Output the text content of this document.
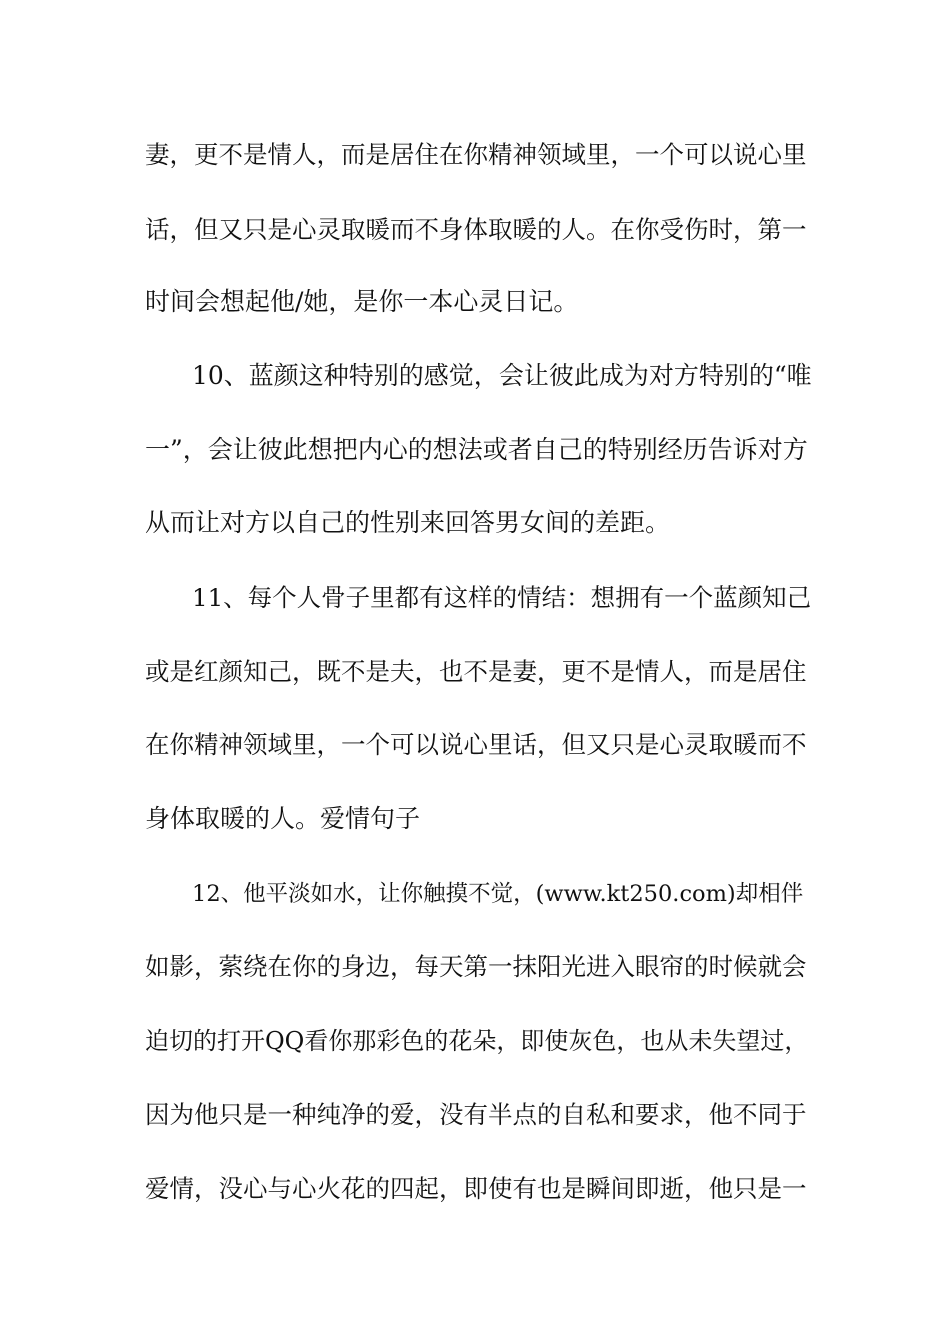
妻，更不是情人，而是居住在你精神领域里，一个可以说心里
话，但又只是心灵取暖而不身体取暖的人。在你受伤时，第一
时间会想起他/她，是你一本心灵日记。
10、蓝颜这种特别的感觉，会让彼此成为对方特别的“唯
一”，会让彼此想把内心的想法或者自己的特别经历告诉对方
从而让对方以自己的性别来回答男女间的差距。
11、每个人骨子里都有这样的情结：想拥有一个蓝颜知己
或是红颜知己，既不是夫，也不是妻，更不是情人，而是居住
在你精神领域里，一个可以说心里话，但又只是心灵取暖而不
身体取暖的人。爱情句子
12、他平淡如水，让你触摸不觉，(www.kt250.com)却相伴
如影，萦绕在你的身边，每天第一抹阳光进入眼帘的时候就会
迫切的打开QQ看你那彩色的花朵，即使灰色，也从未失望过，
因为他只是一种纯净的爱，没有半点的自私和要求，他不同于
爱情，没心与心火花的四起，即使有也是瞬间即逝，他只是一
